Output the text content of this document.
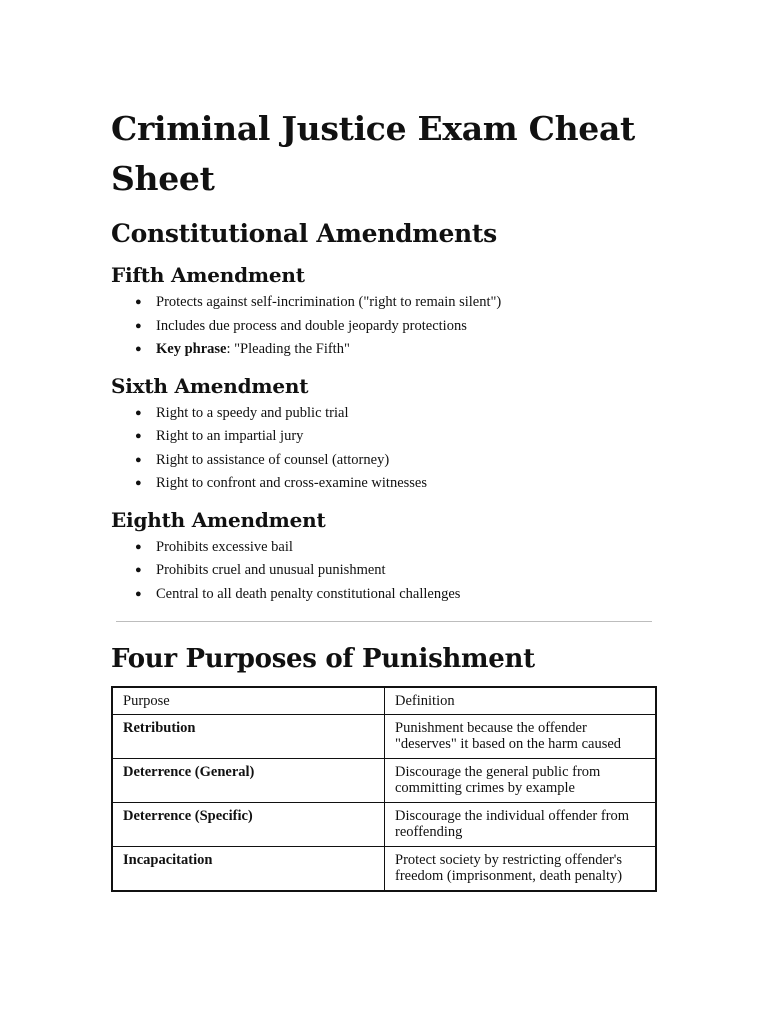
Criminal Justice Exam Cheat Sheet
Constitutional Amendments
Fifth Amendment
● Protects against self-incrimination ("right to remain silent")
● Includes due process and double jeopardy protections
● Key phrase: "Pleading the Fifth"
Sixth Amendment
● Right to a speedy and public trial
● Right to an impartial jury
● Right to assistance of counsel (attorney)
● Right to confront and cross-examine witnesses
Eighth Amendment
● Prohibits excessive bail
● Prohibits cruel and unusual punishment
● Central to all death penalty constitutional challenges
Four Purposes of Punishment
Purpose	Definition
Retribution	Punishment because the offender "deserves" it based on the harm caused
Deterrence (General)	Discourage the general public from committing crimes by example
Deterrence (Specific)	Discourage the individual offender from reoffending
Incapacitation	Protect society by restricting offender's freedom (imprisonment, death penalty)
